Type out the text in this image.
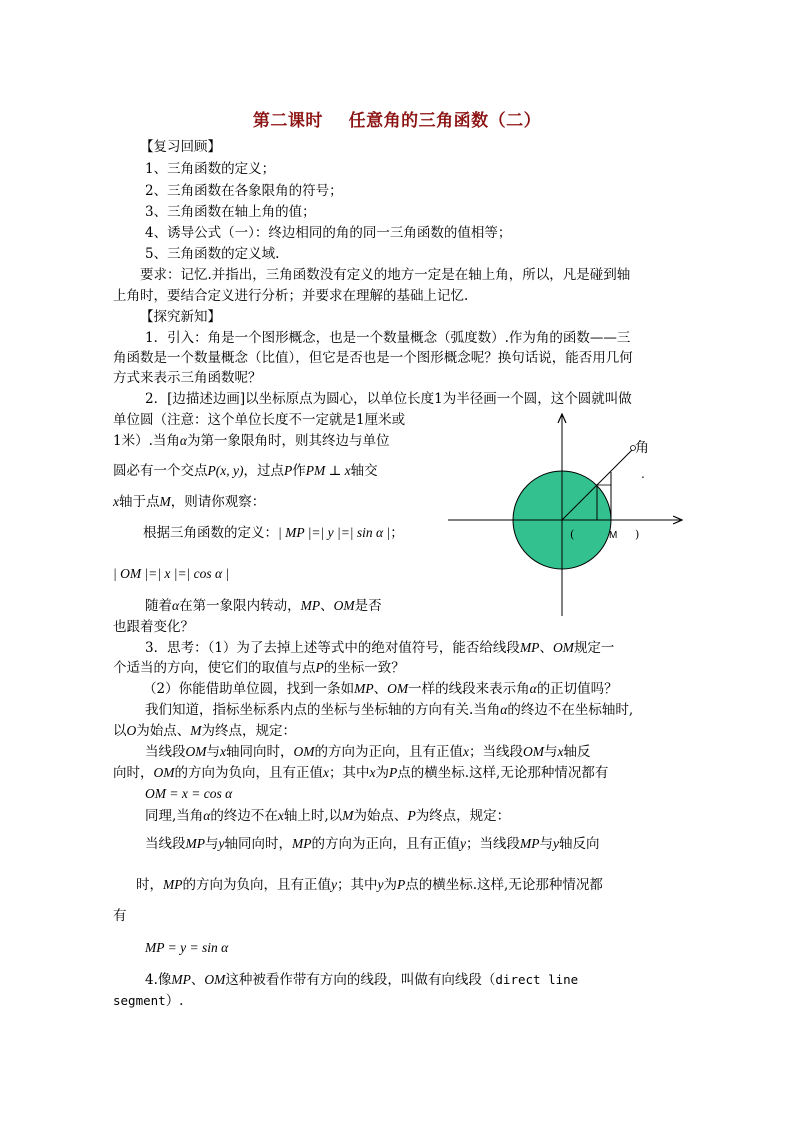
第二课时    任意角的三角函数（二）
【复习回顾】
1、三角函数的定义；
2、三角函数在各象限角的符号；
3、三角函数在轴上角的值；
4、诱导公式（一）：终边相同的角的同一三角函数的值相等；
5、三角函数的定义域.
要求：记忆.并指出，三角函数没有定义的地方一定是在轴上角，所以，凡是碰到轴
上角时，要结合定义进行分析；并要求在理解的基础上记忆.
【探究新知】
1．引入：角是一个图形概念，也是一个数量概念（弧度数）.作为角的函数——三
角函数是一个数量概念（比值），但它是否也是一个图形概念呢？换句话说，能否用几何
方式来表示三角函数呢？
2．[边描述边画]以坐标原点为圆心，以单位长度1为半径画一个圆，这个圆就叫做
单位圆（注意：这个单位长度不一定就是1厘米或
1米）.当角α为第一象限角时，则其终边与单位
圆必有一个交点P(x, y)，过点P作PM ⊥ x轴交
x轴于点M，则请你观察：
根据三角函数的定义：| MP |=| y |=| sin α |；
| OM |=| x |=| cos α |
随着α在第一象限内转动，MP、OM是否
也跟着变化？
3．思考：（1）为了去掉上述等式中的绝对值符号，能否给线段MP、OM规定一
个适当的方向，使它们的取值与点P的坐标一致？
（2）你能借助单位圆，找到一条如MP、OM一样的线段来表示角α的正切值吗？
我们知道，指标坐标系内点的坐标与坐标轴的方向有关.当角α的终边不在坐标轴时,
以O为始点、M为终点，规定：
当线段OM与x轴同向时，OM的方向为正向，且有正值x；当线段OM与x轴反
向时，OM的方向为负向，且有正值x；其中x为P点的横坐标.这样,无论那种情况都有
OM = x = cos α
同理,当角α的终边不在x轴上时,以M为始点、P为终点，规定：
当线段MP与y轴同向时，MP的方向为正向，且有正值y；当线段MP与y轴反向
时，MP的方向为负向，且有正值y；其中y为P点的横坐标.这样,无论那种情况都
有
MP = y = sin α
4.像MP、OM这种被看作带有方向的线段，叫做有向线段（direct line
segment）.
角
.
(	M )
